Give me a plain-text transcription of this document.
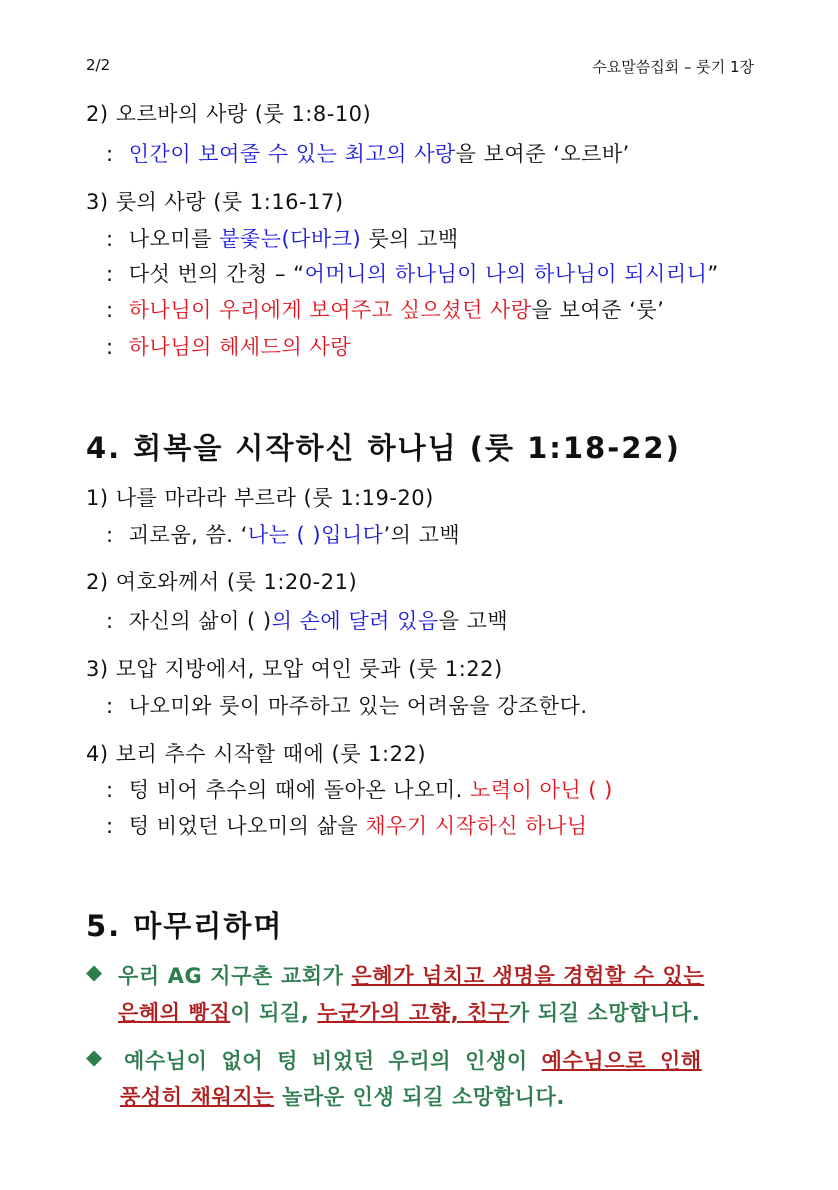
2/2	수요말씀집회 – 룻기 1장
2) 오르바의 사랑 (룻 1:8-10)
: 인간이 보여줄 수 있는 최고의 사랑을 보여준 ‘오르바’
3) 룻의 사랑 (룻 1:16-17)
: 나오미를 붙좇는(다바크) 룻의 고백
: 다섯 번의 간청 – “어머니의 하나님이 나의 하나님이 되시리니”
: 하나님이 우리에게 보여주고 싶으셨던 사랑을 보여준 ‘룻’
: 하나님의 헤세드의 사랑
4. 회복을 시작하신 하나님 (룻 1:18-22)
1) 나를 마라라 부르라 (룻 1:19-20)
: 괴로움, 씀. ‘나는 ( )입니다’의 고백
2) 여호와께서 (룻 1:20-21)
: 자신의 삶이 ( )의 손에 달려 있음을 고백
3) 모압 지방에서, 모압 여인 룻과 (룻 1:22)
: 나오미와 룻이 마주하고 있는 어려움을 강조한다.
4) 보리 추수 시작할 때에 (룻 1:22)
: 텅 비어 추수의 때에 돌아온 나오미. 노력이 아닌 ( )
: 텅 비었던 나오미의 삶을 채우기 시작하신 하나님
5. 마무리하며
◆ 우리 AG 지구촌 교회가 은혜가 넘치고 생명을 경험할 수 있는
은혜의 빵집이 되길, 누군가의 고향, 친구가 되길 소망합니다.
◆ 예수님이 없어 텅 비었던 우리의 인생이 예수님으로 인해
풍성히 채워지는 놀라운 인생 되길 소망합니다.
